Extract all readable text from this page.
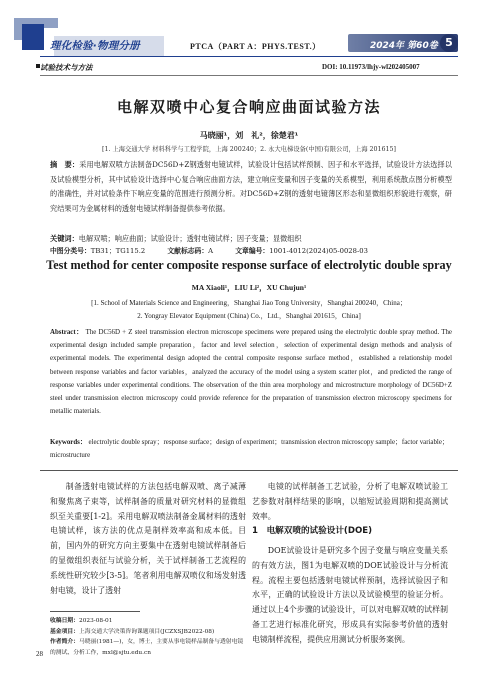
理化检验·物理分册	PTCA（PART A：PHYS.TEST.）	2024年 第60卷 5
试验技术与方法	DOI: 10.11973/lhjy-wl202405007
电解双喷中心复合响应曲面试验方法
马晓丽¹，刘　礼²，徐楚君¹
[1. 上海交通大学 材料科学与工程学院，上海 200240；2. 永大电梯设备(中国)有限公司，上海 201615]
摘　要：采用电解双喷方法制备DC56D+Z钢透射电镜试样，试验设计包括试样预制、因子和水平选择，试验设计方法选择以及试验模型分析，其中试验设计选择中心复合响应曲面方法，建立响应变量和因子变量的关系模型，利用系统散点图分析模型的准确性，并对试验条件下响应变量的范围进行预测分析。对DC56D+Z钢的透射电镜薄区形态和显微组织形貌进行观察，研究结果可为金属材料的透射电镜试样制备提供参考依据。
关键词：电解双喷；响应曲面；试验设计；透射电镜试样；因子变量；显微组织
中图分类号：TB31；TG115.2	文献标志码：A	文章编号：1001-4012(2024)05-0028-03
Test method for center composite response surface of electrolytic double spray
MA Xiaoli¹，LIU Li²，XU Chujun¹
[1. School of Materials Science and Engineering，Shanghai Jiao Tong University，Shanghai 200240，China；
2. Yongray Elevator Equipment (China) Co.，Ltd.，Shanghai 201615，China]
Abstract： The DC56D + Z steel transmission electron microscope specimens were prepared using the electrolytic double spray method. The experimental design included sample preparation，factor and level selection，selection of experimental design methods and analysis of experimental models. The experimental design adopted the central composite response surface method，established a relationship model between response variables and factor variables，analyzed the accuracy of the model using a system scatter plot，and predicted the range of response variables under experimental conditions. The observation of the thin area morphology and microstructure morphology of DC56D+Z steel under transmission electron microscopy could provide reference for the preparation of transmission electron microscopy specimens for metallic materials.
Keywords： electrolytic double spray；response surface；design of experiment；transmission electron microscopy sample；factor variable；microstructure
制备透射电镜试样的方法包括电解双喷、离子减薄和聚焦离子束等，试样制备的质量对研究材料的显微组织至关重要[1-2]。采用电解双喷法制备金属材料的透射电镜试样，该方法的优点是制样效率高和成本低。目前，国内外的研究方向主要集中在透射电镜试样制备后的显微组织表征与试验分析，关于试样制备工艺流程的系统性研究较少[3-5]。笔者利用电解双喷仪和场发射透射电镜，设计了透射
电镜的试样制备工艺试验，分析了电解双喷试验工艺参数对制样结果的影响，以缩短试验周期和提高测试效率。
1　电解双喷的试验设计(DOE)
DOE试验设计是研究多个因子变量与响应变量关系的有效方法，图1为电解双喷的DOE试验设计与分析流程。流程主要包括透射电镜试样预制，选择试验因子和水平，正确的试验设计方法以及试验模型的验证分析。通过以上4个步骤的试验设计，可以对电解双喷的试样制备工艺进行标准化研究，形成具有实际参考价值的透射电镜制样流程，提供应用测试分析服务案例。
收稿日期：2023-08-01
基金项目：上海交通大学决策咨询课题项目(JCZXSJB2022-08)
作者简介：马晓丽(1981—)，女，博士，主要从事电镜样品制备与透射电镜的测试、分析工作，mxl@sjtu.edu.cn
28
